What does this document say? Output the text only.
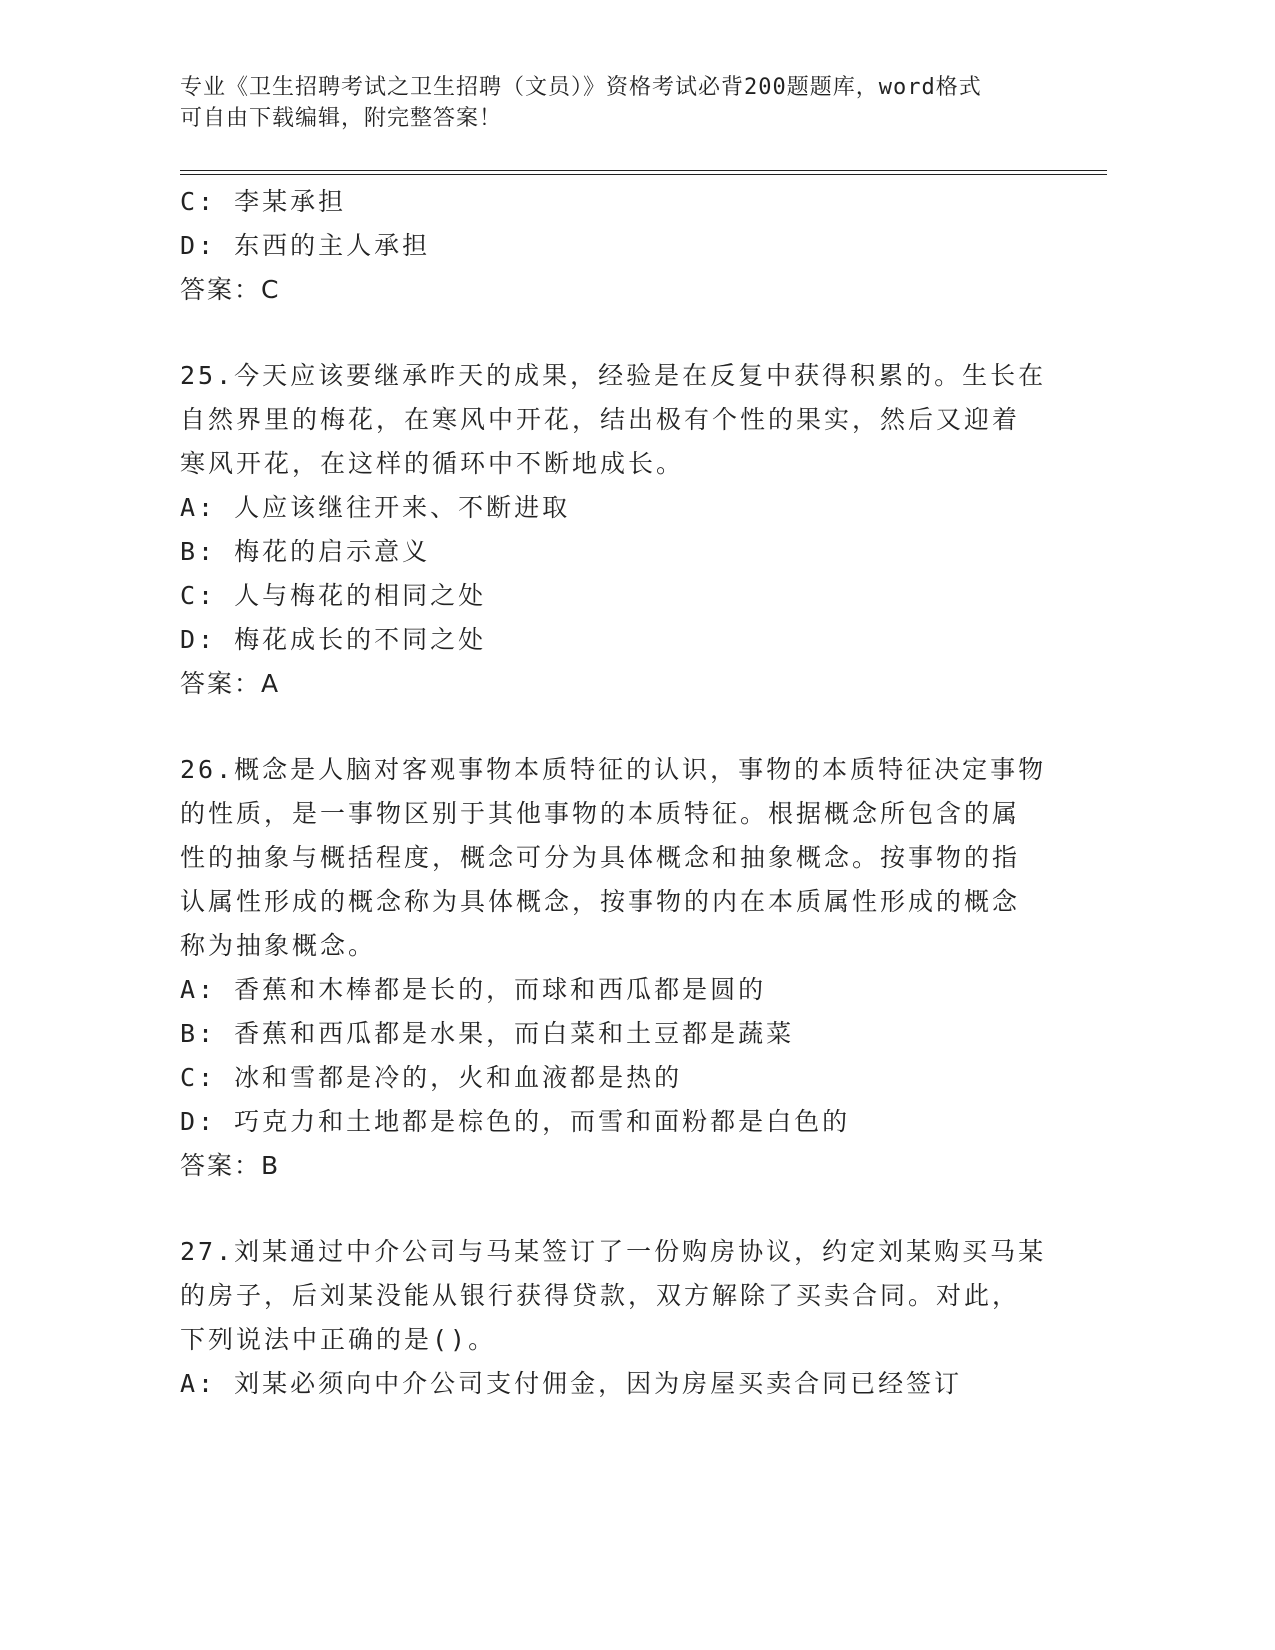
专业《卫生招聘考试之卫生招聘（文员）》资格考试必背200题题库，word格式
可自由下载编辑，附完整答案！
C: 李某承担
D: 东西的主人承担
答案：C
25.今天应该要继承昨天的成果，经验是在反复中获得积累的。生长在
自然界里的梅花，在寒风中开花，结出极有个性的果实，然后又迎着
寒风开花，在这样的循环中不断地成长。
A: 人应该继往开来、不断进取
B: 梅花的启示意义
C: 人与梅花的相同之处
D: 梅花成长的不同之处
答案：A
26.概念是人脑对客观事物本质特征的认识，事物的本质特征决定事物
的性质，是一事物区别于其他事物的本质特征。根据概念所包含的属
性的抽象与概括程度，概念可分为具体概念和抽象概念。按事物的指
认属性形成的概念称为具体概念，按事物的内在本质属性形成的概念
称为抽象概念。
A: 香蕉和木棒都是长的，而球和西瓜都是圆的
B: 香蕉和西瓜都是水果，而白菜和土豆都是蔬菜
C: 冰和雪都是冷的，火和血液都是热的
D: 巧克力和土地都是棕色的，而雪和面粉都是白色的
答案：B
27.刘某通过中介公司与马某签订了一份购房协议，约定刘某购买马某
的房子，后刘某没能从银行获得贷款，双方解除了买卖合同。对此，
下列说法中正确的是()。
A: 刘某必须向中介公司支付佣金，因为房屋买卖合同已经签订
